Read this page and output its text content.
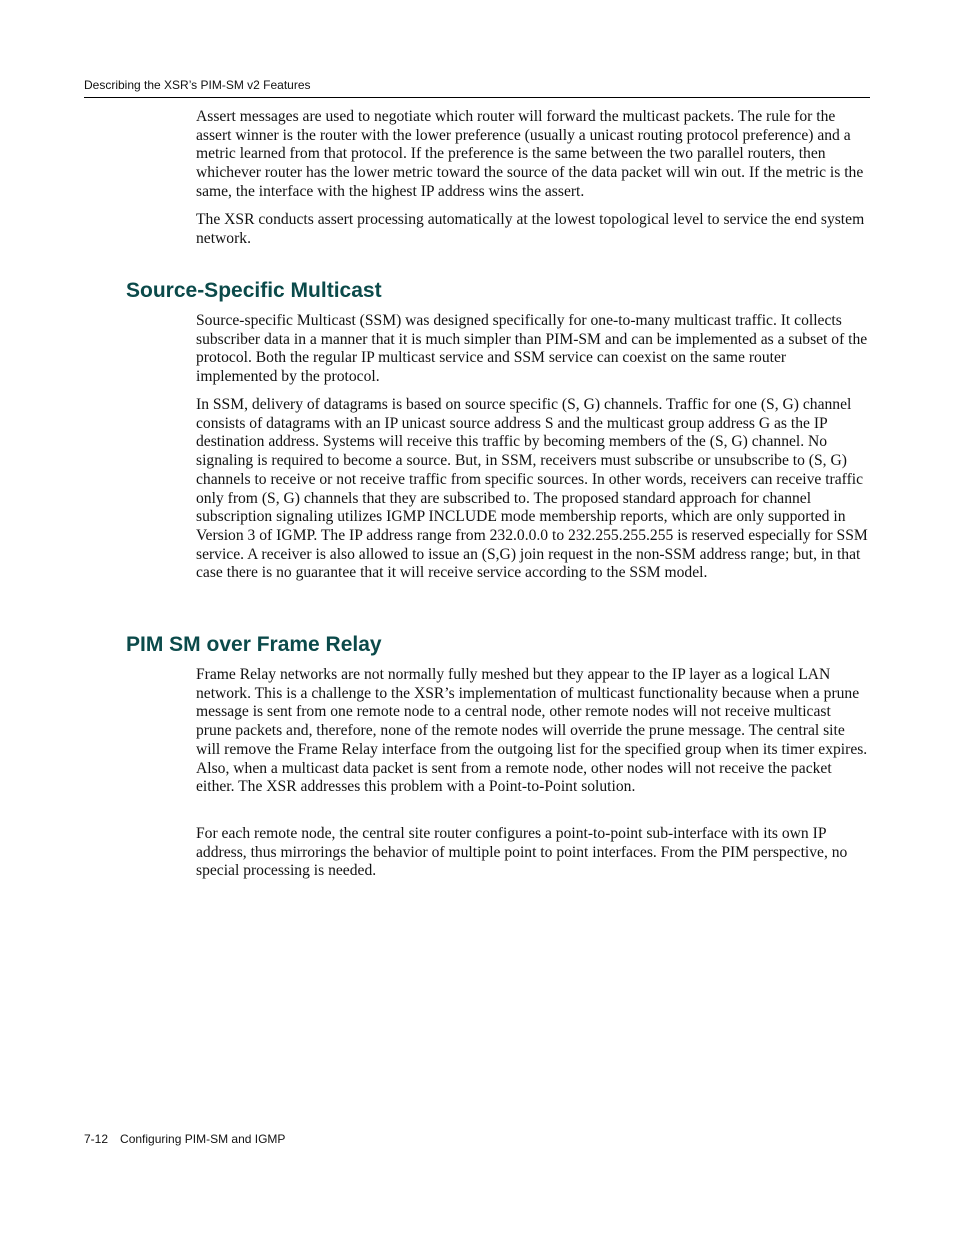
Describing the XSR’s PIM-SM v2 Features

Assert messages are used to negotiate which router will forward the multicast packets. The rule for the assert winner is the router with the lower preference (usually a unicast routing protocol preference) and a metric learned from that protocol. If the preference is the same between the two parallel routers, then whichever router has the lower metric toward the source of the data packet will win out. If the metric is the same, the interface with the highest IP address wins the assert.

The XSR conducts assert processing automatically at the lowest topological level to service the end system network.

Source-Specific Multicast

Source-specific Multicast (SSM) was designed specifically for one-to-many multicast traffic. It collects subscriber data in a manner that it is much simpler than PIM-SM and can be implemented as a subset of the protocol. Both the regular IP multicast service and SSM service can coexist on the same router implemented by the protocol.

In SSM, delivery of datagrams is based on source specific (S, G) channels. Traffic for one (S, G) channel consists of datagrams with an IP unicast source address S and the multicast group address G as the IP destination address. Systems will receive this traffic by becoming members of the (S, G) channel. No signaling is required to become a source. But, in SSM, receivers must subscribe or unsubscribe to (S, G) channels to receive or not receive traffic from specific sources. In other words, receivers can receive traffic only from (S, G) channels that they are subscribed to. The proposed standard approach for channel subscription signaling utilizes IGMP INCLUDE mode membership reports, which are only supported in Version 3 of IGMP. The IP address range from 232.0.0.0 to 232.255.255.255 is reserved especially for SSM service. A receiver is also allowed to issue an (S,G) join request in the non-SSM address range; but, in that case there is no guarantee that it will receive service according to the SSM model.

PIM SM over Frame Relay

Frame Relay networks are not normally fully meshed but they appear to the IP layer as a logical LAN network. This is a challenge to the XSR’s implementation of multicast functionality because when a prune message is sent from one remote node to a central node, other remote nodes will not receive multicast prune packets and, therefore, none of the remote nodes will override the prune message. The central site will remove the Frame Relay interface from the outgoing list for the specified group when its timer expires. Also, when a multicast data packet is sent from a remote node, other nodes will not receive the packet either. The XSR addresses this problem with a Point-to-Point solution.

For each remote node, the central site router configures a point-to-point sub-interface with its own IP address, thus mirrorings the behavior of multiple point to point interfaces. From the PIM perspective, no special processing is needed.

7-12 Configuring PIM-SM and IGMP
